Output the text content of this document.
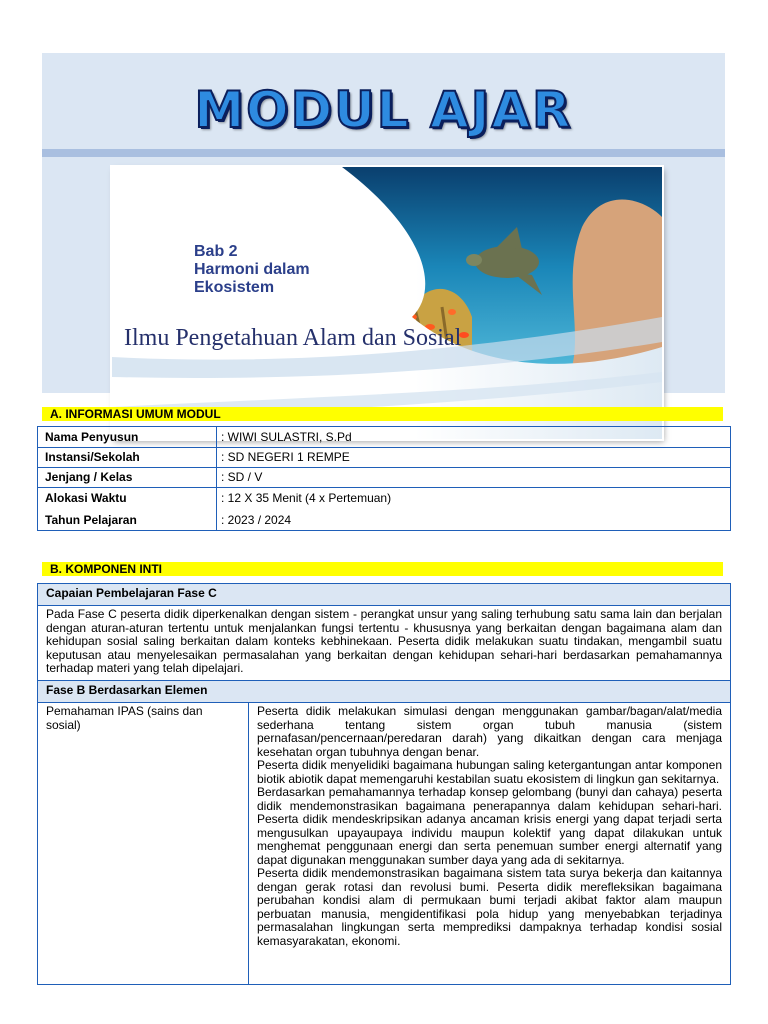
MODUL AJAR
Bab 2
Harmoni dalam
Ekosistem
Ilmu Pengetahuan Alam dan Sosial
A. INFORMASI UMUM MODUL
Nama Penyusun	: WIWI SULASTRI, S.Pd
Instansi/Sekolah	: SD NEGERI 1 REMPE
Jenjang / Kelas	: SD / V
Alokasi Waktu	: 12 X 35 Menit (4 x Pertemuan)
Tahun Pelajaran	: 2023 / 2024
B. KOMPONEN INTI
Capaian Pembelajaran Fase C
Pada Fase C peserta didik diperkenalkan dengan sistem - perangkat unsur yang saling terhubung satu sama lain dan berjalan dengan aturan-aturan tertentu untuk menjalankan fungsi tertentu - khususnya yang berkaitan dengan bagaimana alam dan kehidupan sosial saling berkaitan dalam konteks kebhinekaan. Peserta didik melakukan suatu tindakan, mengambil suatu keputusan atau menyelesaikan permasalahan yang berkaitan dengan kehidupan sehari-hari berdasarkan pemahamannya terhadap materi yang telah dipelajari.
Fase B Berdasarkan Elemen
Pemahaman IPAS (sains dan sosial)

Peserta didik melakukan simulasi dengan menggunakan gambar/bagan/alat/media sederhana tentang sistem organ tubuh manusia (sistem pernafasan/pencernaan/peredaran darah) yang dikaitkan dengan cara menjaga kesehatan organ tubuhnya dengan benar.

Peserta didik menyelidiki bagaimana hubungan saling ketergantungan antar komponen biotik abiotik dapat memengaruhi kestabilan suatu ekosistem di lingkun gan sekitarnya.

Berdasarkan pemahamannya terhadap konsep gelombang (bunyi dan cahaya) peserta didik mendemonstrasikan bagaimana penerapannya dalam kehidupan sehari-hari. Peserta didik mendeskripsikan adanya ancaman krisis energi yang dapat terjadi serta mengusulkan upayaupaya individu maupun kolektif yang dapat dilakukan untuk menghemat penggunaan energi dan serta penemuan sumber energi alternatif yang dapat digunakan menggunakan sumber daya yang ada di sekitarnya.

Peserta didik mendemonstrasikan bagaimana sistem tata surya bekerja dan kaitannya dengan gerak rotasi dan revolusi bumi. Peserta didik merefleksikan bagaimana perubahan kondisi alam di permukaan bumi terjadi akibat faktor alam maupun perbuatan manusia, mengidentifikasi pola hidup yang menyebabkan terjadinya permasalahan lingkungan serta memprediksi dampaknya terhadap kondisi sosial kemasyarakatan, ekonomi.
